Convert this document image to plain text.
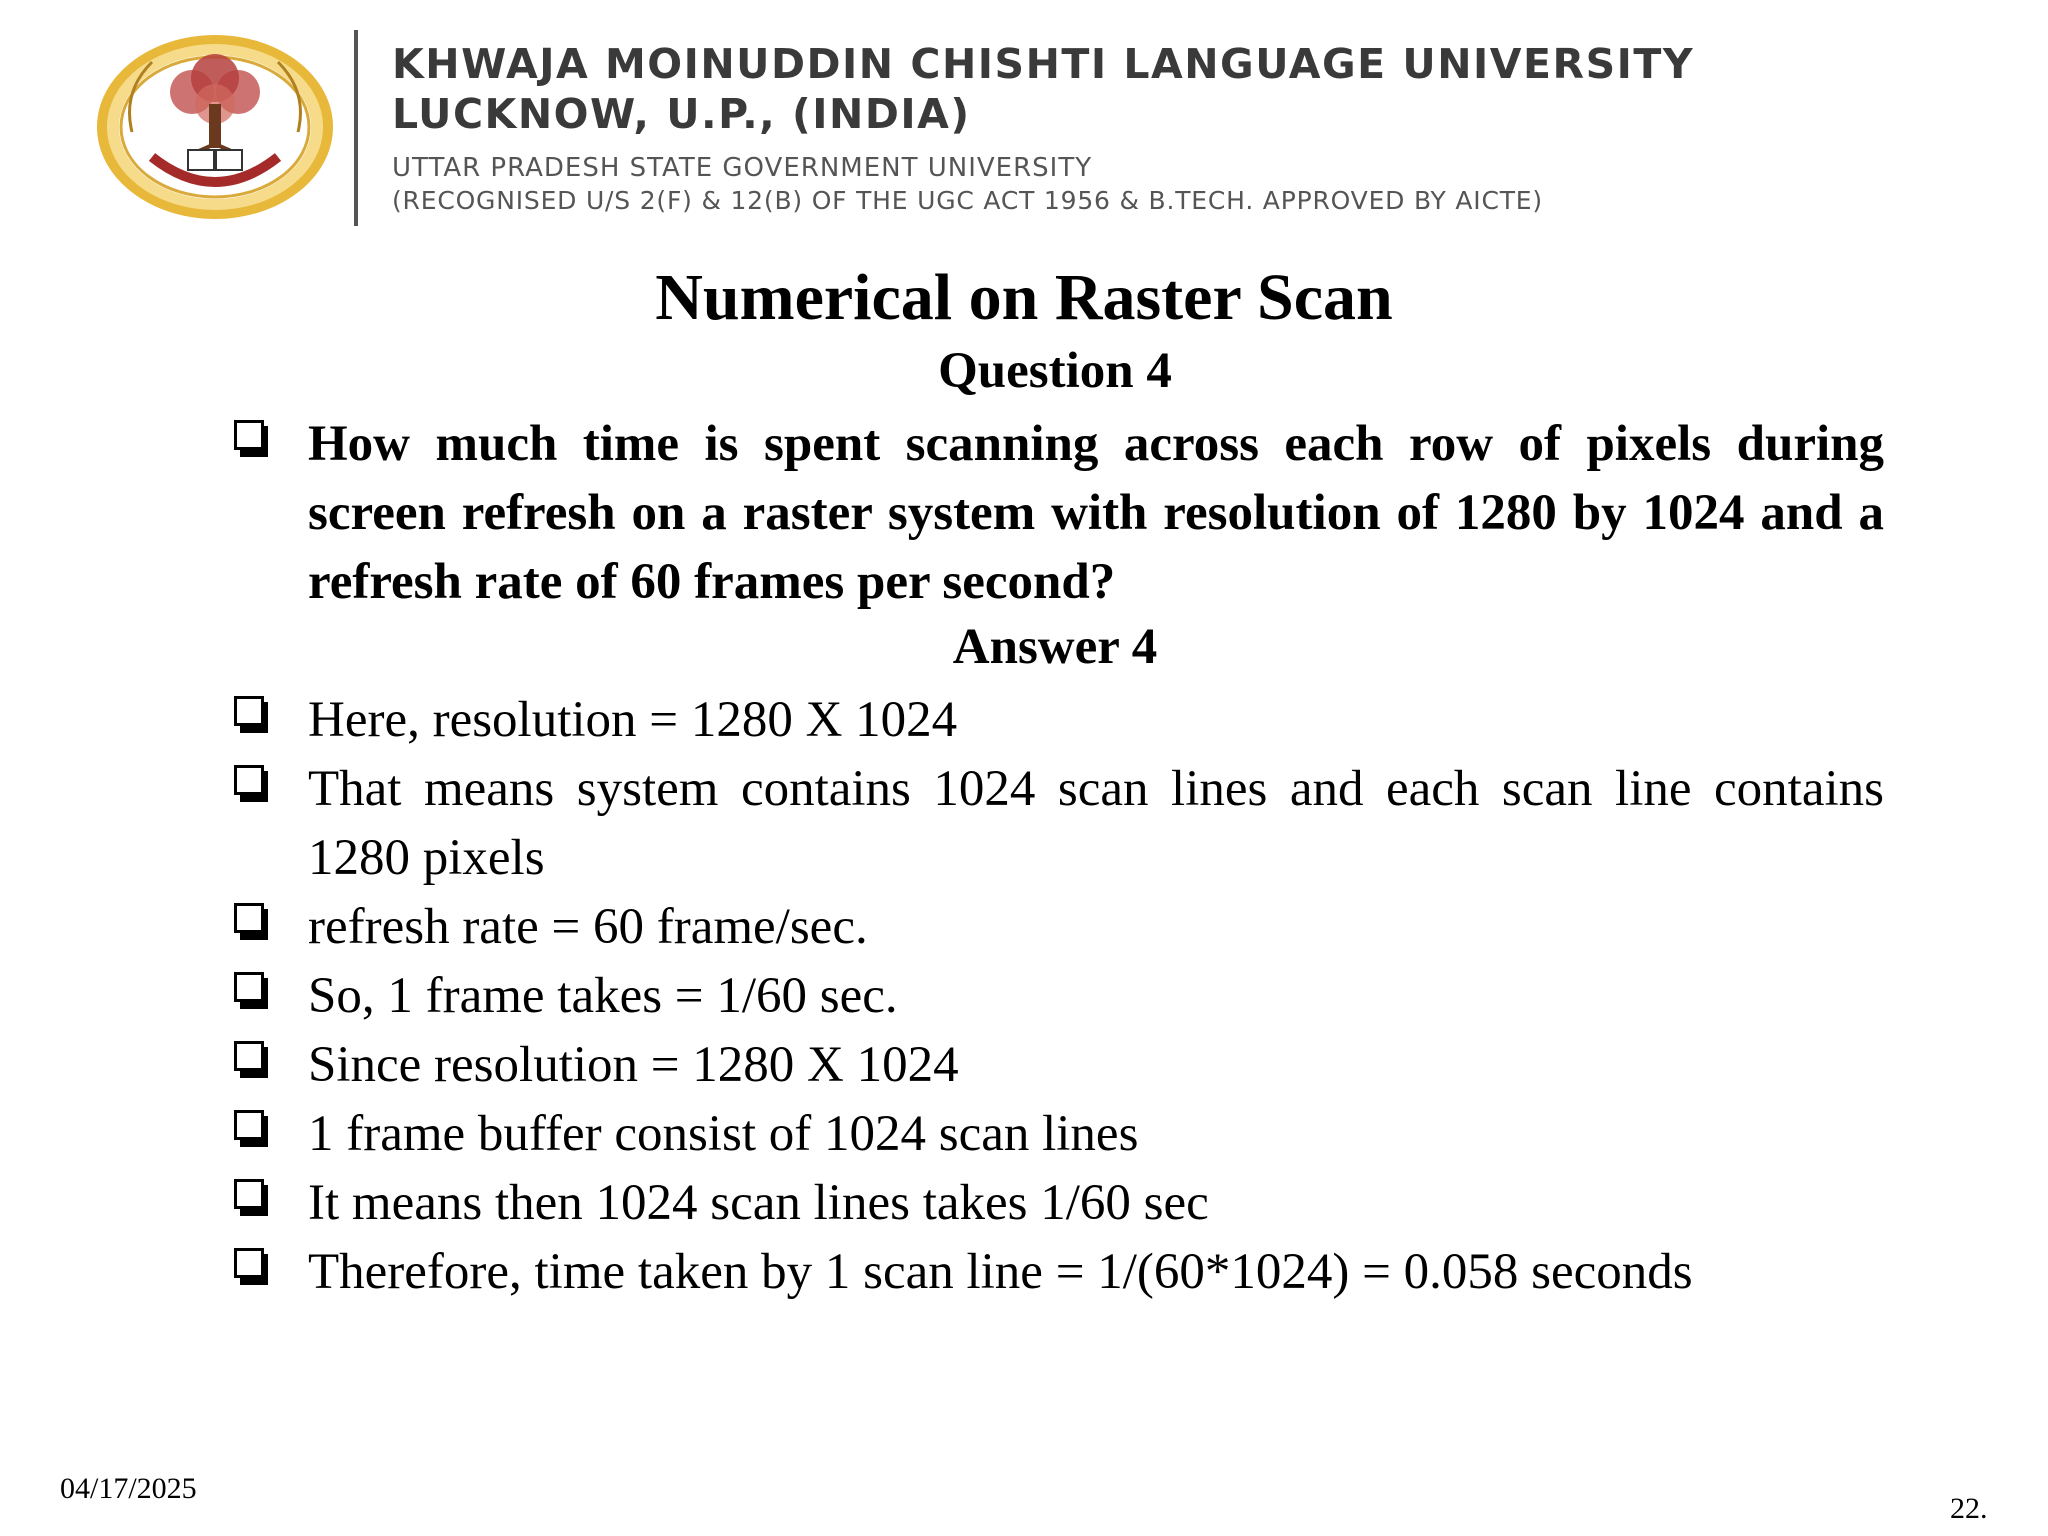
KHWAJA MOINUDDIN CHISHTI LANGUAGE UNIVERSITY
LUCKNOW, U.P., (INDIA)
UTTAR PRADESH STATE GOVERNMENT UNIVERSITY
(RECOGNISED U/S 2(F) & 12(B) OF THE UGC ACT 1956 & B.TECH. APPROVED BY AICTE)
Numerical on Raster Scan
Question 4
How much time is spent scanning across each row of pixels during screen refresh on a raster system with resolution of 1280 by 1024 and a refresh rate of 60 frames per second?
Answer 4
Here, resolution = 1280 X 1024
That means system contains 1024 scan lines and each scan line contains 1280 pixels
refresh rate = 60 frame/sec.
So, 1 frame takes = 1/60 sec.
Since resolution = 1280 X 1024
1 frame buffer consist of 1024 scan lines
It means then 1024 scan lines takes 1/60 sec
Therefore, time taken by 1 scan line = 1/(60*1024) = 0.058 seconds
04/17/2025
22.
